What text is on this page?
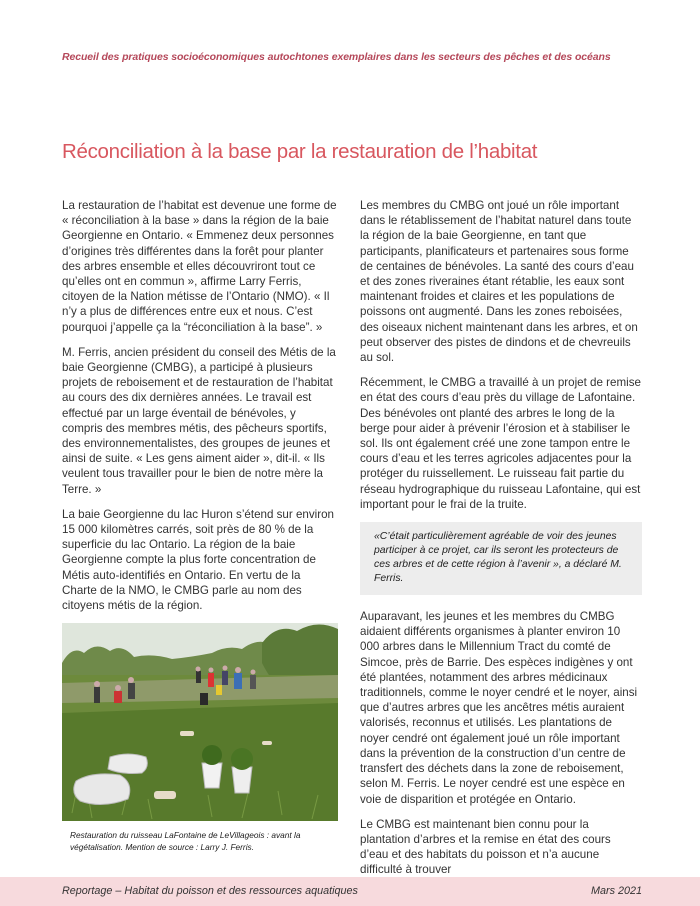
Recueil des pratiques socioéconomiques autochtones exemplaires dans les secteurs des pêches et des océans
Réconciliation à la base par la restauration de l’habitat

La restauration de l’habitat est devenue une forme de « réconciliation à la base » dans la région de la baie Georgienne en Ontario. « Emmenez deux personnes d’origines très différentes dans la forêt pour planter des arbres ensemble et elles découvriront tout ce qu’elles ont en commun », affirme Larry Ferris, citoyen de la Nation métisse de l’Ontario (NMO). « Il n’y a plus de différences entre eux et nous. C’est pourquoi j’appelle ça la “réconciliation à la base”. »

M. Ferris, ancien président du conseil des Métis de la baie Georgienne (CMBG), a participé à plusieurs projets de reboisement et de restauration de l’habitat au cours des dix dernières années. Le travail est effectué par un large éventail de bénévoles, y compris des membres métis, des pêcheurs sportifs, des environnementalistes, des groupes de jeunes et ainsi de suite. « Les gens aiment aider », dit-il. « Ils veulent tous travailler pour le bien de notre mère la Terre. »

La baie Georgienne du lac Huron s’étend sur environ 15 000 kilomètres carrés, soit près de 80 % de la superficie du lac Ontario. La région de la baie Georgienne compte la plus forte concentration de Métis auto-identifiés en Ontario. En vertu de la Charte de la NMO, le CMBG parle au nom des citoyens métis de la région.

Restauration du ruisseau LaFontaine de LeVillageois : avant la végétalisation. Mention de source : Larry J. Ferris.

Les membres du CMBG ont joué un rôle important dans le rétablissement de l’habitat naturel dans toute la région de la baie Georgienne, en tant que participants, planificateurs et partenaires sous forme de centaines de bénévoles. La santé des cours d’eau et des zones riveraines étant rétablie, les eaux sont maintenant froides et claires et les populations de poissons ont augmenté. Dans les zones reboisées, des oiseaux nichent maintenant dans les arbres, et on peut observer des pistes de dindons et de chevreuils au sol.

Récemment, le CMBG a travaillé à un projet de remise en état des cours d’eau près du village de Lafontaine. Des bénévoles ont planté des arbres le long de la berge pour aider à prévenir l’érosion et à stabiliser le sol. Ils ont également créé une zone tampon entre le cours d’eau et les terres agricoles adjacentes pour la protéger du ruissellement. Le ruisseau fait partie du réseau hydrographique du ruisseau Lafontaine, qui est important pour le frai de la truite.

«C’était particulièrement agréable de voir des jeunes participer à ce projet, car ils seront les protecteurs de ces arbres et de cette région à l’avenir », a déclaré M. Ferris.

Auparavant, les jeunes et les membres du CMBG aidaient différents organismes à planter environ 10 000 arbres dans le Millennium Tract du comté de Simcoe, près de Barrie. Des espèces indigènes y ont été plantées, notamment des arbres médicinaux traditionnels, comme le noyer cendré et le noyer, ainsi que d’autres arbres que les ancêtres métis auraient valorisés, reconnus et utilisés. Les plantations de noyer cendré ont également joué un rôle important dans la prévention de la construction d’un centre de transfert des déchets dans la zone de reboisement, selon M. Ferris. Le noyer cendré est une espèce en voie de disparition et protégée en Ontario.

Le CMBG est maintenant bien connu pour la plantation d’arbres et la remise en état des cours d’eau et des habitats du poisson et n’a aucune difficulté à trouver

Reportage – Habitat du poisson et des ressources aquatiques	Mars 2021
